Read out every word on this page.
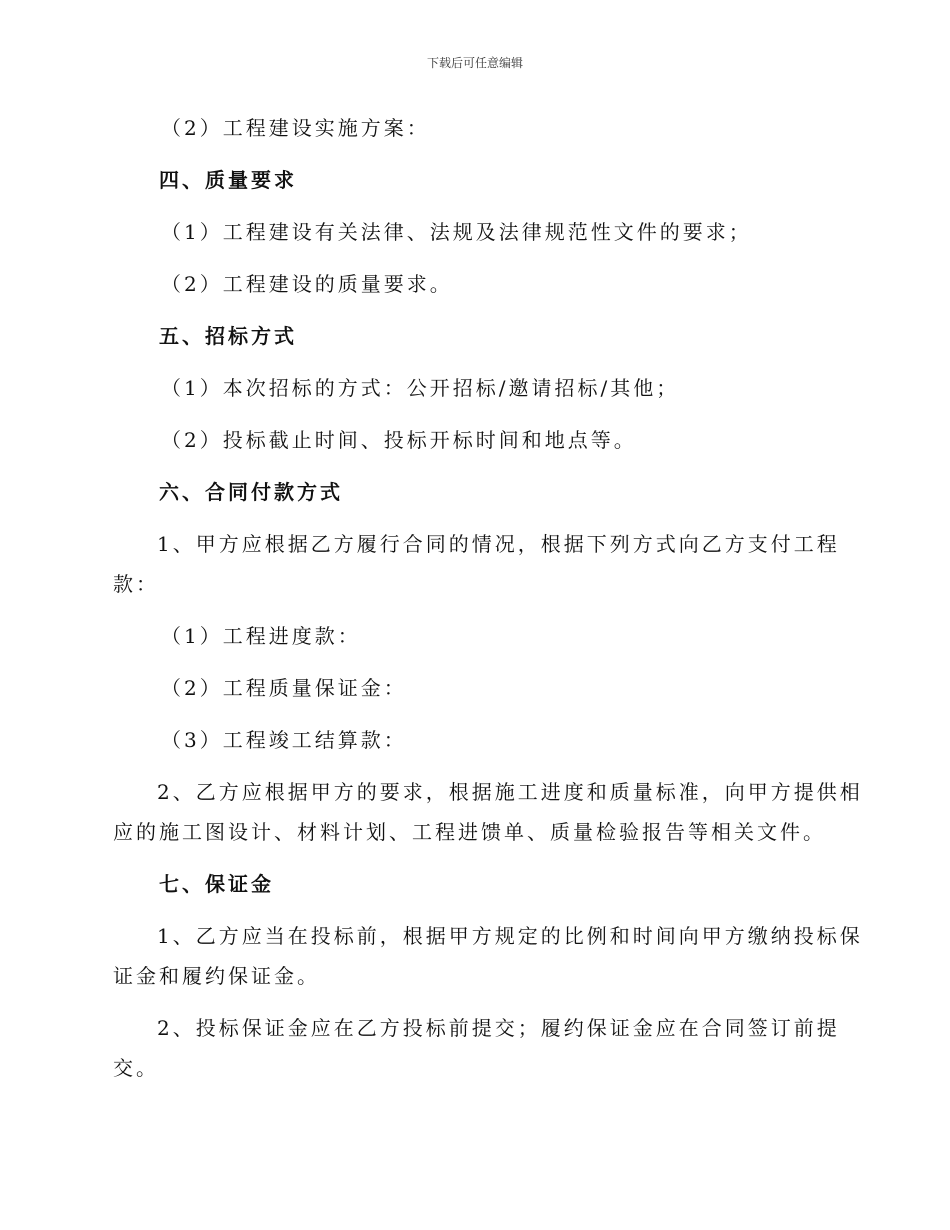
下载后可任意编辑
（2）工程建设实施方案：
四、质量要求
（1）工程建设有关法律、法规及法律规范性文件的要求；
（2）工程建设的质量要求。
五、招标方式
（1）本次招标的方式：公开招标/邀请招标/其他；
（2）投标截止时间、投标开标时间和地点等。
六、合同付款方式
1、甲方应根据乙方履行合同的情况，根据下列方式向乙方支付工程
款：
（1）工程进度款：
（2）工程质量保证金：
（3）工程竣工结算款：
2、乙方应根据甲方的要求，根据施工进度和质量标准，向甲方提供相
应的施工图设计、材料计划、工程进馈单、质量检验报告等相关文件。
七、保证金
1、乙方应当在投标前，根据甲方规定的比例和时间向甲方缴纳投标保
证金和履约保证金。
2、投标保证金应在乙方投标前提交；履约保证金应在合同签订前提
交。
